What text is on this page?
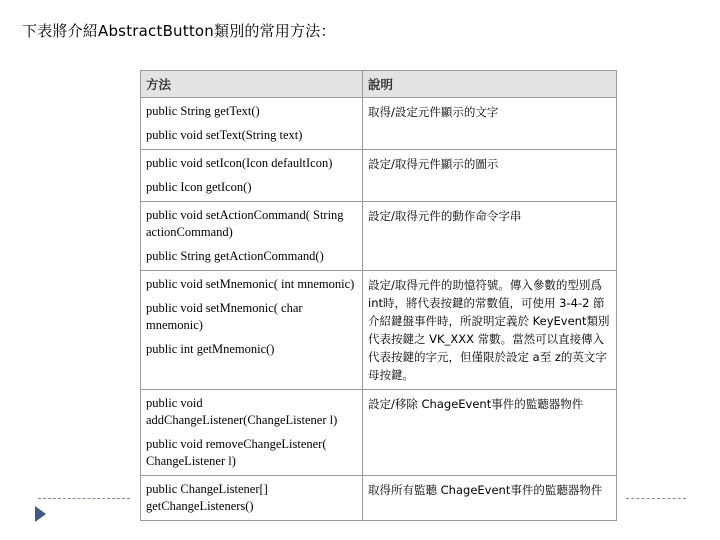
下表將介紹AbstractButton類別的常用方法：
方法	說明

public String getText()
public void setText(String text)	取得/設定元件顯示的文字

public void setIcon(Icon defaultIcon)
public Icon getIcon()	設定/取得元件顯示的圖示

public void setActionCommand( String actionCommand)
public String getActionCommand()	設定/取得元件的動作命令字串

public void setMnemonic( int mnemonic)
public void setMnemonic( char mnemonic)
public int getMnemonic()	設定/取得元件的助憶符號。傳入參數的型別爲 int時，將代表按鍵的常數值，可使用 3-4-2 節介紹鍵盤事件時，所說明定義於 KeyEvent類別代表按鍵之 VK_XXX 常數。當然可以直接傳入代表按鍵的字元，但僅限於設定 a至 z的英文字母按鍵。

public void addChangeListener(ChangeListener l)
public void removeChangeListener( ChangeListener l)	設定/移除 ChageEvent事件的監聽器物件

public ChangeListener[] getChangeListeners()	取得所有監聽 ChageEvent事件的監聽器物件
